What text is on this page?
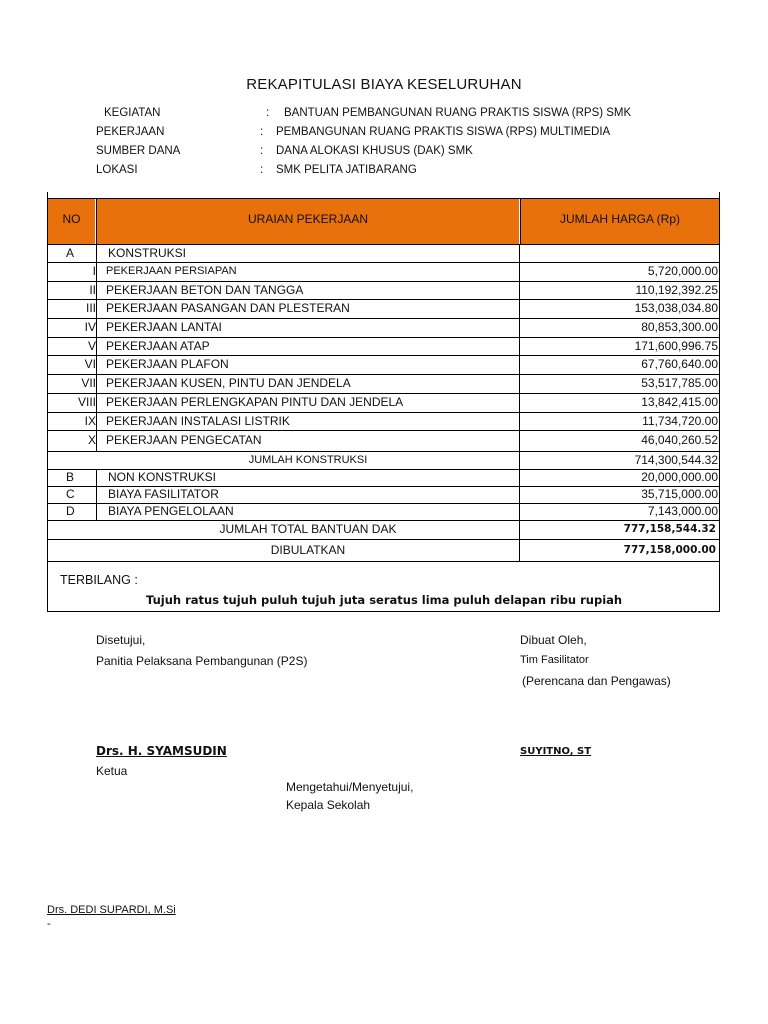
REKAPITULASI BIAYA KESELURUHAN
KEGIATAN	: BANTUAN PEMBANGUNAN RUANG PRAKTIS SISWA (RPS) SMK
PEKERJAAN	: PEMBANGUNAN RUANG PRAKTIS SISWA (RPS) MULTIMEDIA
SUMBER DANA	: DANA ALOKASI KHUSUS (DAK) SMK
LOKASI	: SMK PELITA JATIBARANG
NO	URAIAN PEKERJAAN	JUMLAH HARGA (Rp)
A	KONSTRUKSI
I PEKERJAAN PERSIAPAN	5,720,000.00
II PEKERJAAN BETON DAN TANGGA	110,192,392.25
III PEKERJAAN PASANGAN DAN PLESTERAN	153,038,034.80
IV PEKERJAAN LANTAI	80,853,300.00
V PEKERJAAN ATAP	171,600,996.75
VI PEKERJAAN PLAFON	67,760,640.00
VII PEKERJAAN KUSEN, PINTU DAN JENDELA	53,517,785.00
VIII PEKERJAAN PERLENGKAPAN PINTU DAN JENDELA	13,842,415.00
IX PEKERJAAN INSTALASI LISTRIK	11,734,720.00
X PEKERJAAN PENGECATAN	46,040,260.52
JUMLAH KONSTRUKSI	714,300,544.32
B	NON KONSTRUKSI	20,000,000.00
C	BIAYA FASILITATOR	35,715,000.00
D	BIAYA PENGELOLAAN	7,143,000.00
JUMLAH TOTAL BANTUAN DAK	777,158,544.32
DIBULATKAN	777,158,000.00
TERBILANG :
Tujuh ratus tujuh puluh tujuh juta seratus lima puluh delapan ribu rupiah
Disetujui,
Panitia Pelaksana Pembangunan (P2S)
Dibuat Oleh,
Tim Fasilitator
(Perencana dan Pengawas)
Drs. H. SYAMSUDIN
Ketua
SUYITNO, ST
Mengetahui/Menyetujui,
Kepala Sekolah
Drs. DEDI SUPARDI, M.Si
-
